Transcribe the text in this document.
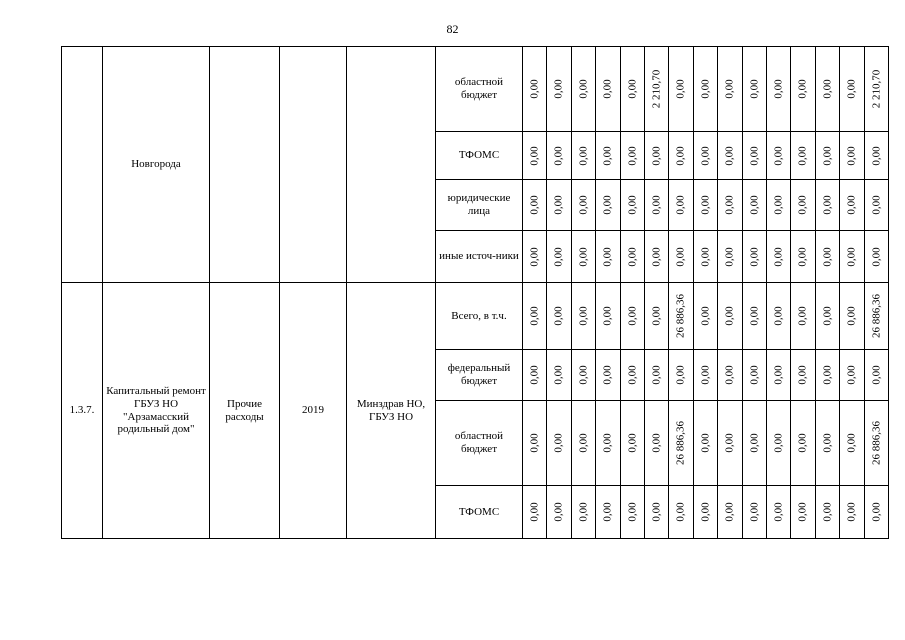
82
	Новгорода				областной бюджет	0,00	0,00	0,00	0,00	0,00	2 210,70	0,00	0,00	0,00	0,00	0,00	0,00	0,00	0,00	2 210,70

					ТФОМС	0,00	0,00	0,00	0,00	0,00	0,00	0,00	0,00	0,00	0,00	0,00	0,00	0,00	0,00	0,00

					юридические лица	0,00	0,00	0,00	0,00	0,00	0,00	0,00	0,00	0,00	0,00	0,00	0,00	0,00	0,00	0,00

					иные источ-ники	0,00	0,00	0,00	0,00	0,00	0,00	0,00	0,00	0,00	0,00	0,00	0,00	0,00	0,00	0,00

1.3.7.	Капитальный ремонт ГБУЗ НО "Арзамасский родильный дом"	Прочие расходы	2019	Минздрав НО, ГБУЗ НО	Всего, в т.ч.	0,00	0,00	0,00	0,00	0,00	0,00	26 886,36	0,00	0,00	0,00	0,00	0,00	0,00	0,00	26 886,36

					федеральный бюджет	0,00	0,00	0,00	0,00	0,00	0,00	0,00	0,00	0,00	0,00	0,00	0,00	0,00	0,00	0,00

					областной бюджет	0,00	0,00	0,00	0,00	0,00	0,00	26 886,36	0,00	0,00	0,00	0,00	0,00	0,00	0,00	26 886,36

					ТФОМС	0,00	0,00	0,00	0,00	0,00	0,00	0,00	0,00	0,00	0,00	0,00	0,00	0,00	0,00	0,00
